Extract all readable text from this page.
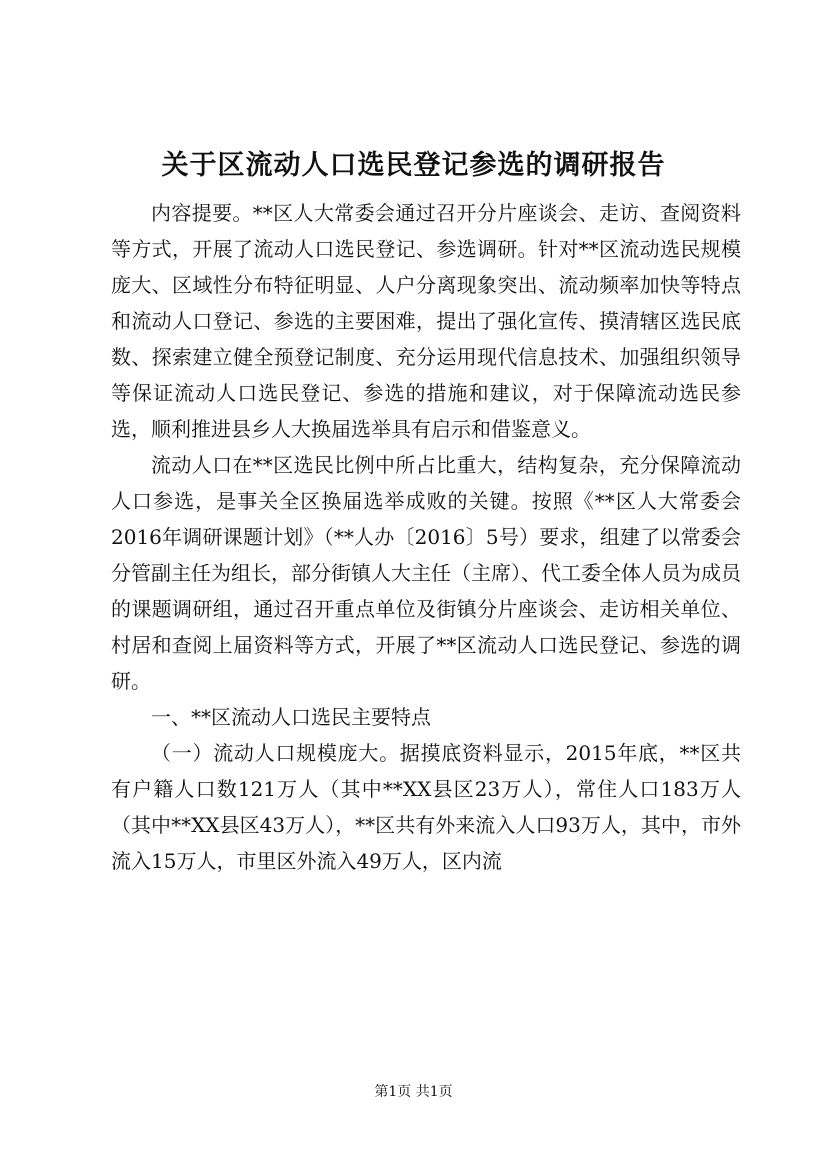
关于区流动人口选民登记参选的调研报告

内容提要。**区人大常委会通过召开分片座谈会、走访、查阅资料等方式，开展了流动人口选民登记、参选调研。针对**区流动选民规模庞大、区域性分布特征明显、人户分离现象突出、流动频率加快等特点和流动人口登记、参选的主要困难，提出了强化宣传、摸清辖区选民底数、探索建立健全预登记制度、充分运用现代信息技术、加强组织领导等保证流动人口选民登记、参选的措施和建议，对于保障流动选民参选，顺利推进县乡人大换届选举具有启示和借鉴意义。

流动人口在**区选民比例中所占比重大，结构复杂，充分保障流动人口参选，是事关全区换届选举成败的关键。按照《**区人大常委会2016年调研课题计划》（**人办〔2016〕5号）要求，组建了以常委会分管副主任为组长，部分街镇人大主任（主席）、代工委全体人员为成员的课题调研组，通过召开重点单位及街镇分片座谈会、走访相关单位、村居和查阅上届资料等方式，开展了**区流动人口选民登记、参选的调研。

一、**区流动人口选民主要特点

（一）流动人口规模庞大。据摸底资料显示，2015年底，**区共有户籍人口数121万人（其中**XX县区23万人），常住人口183万人（其中**XX县区43万人），**区共有外来流入人口93万人，其中，市外流入15万人，市里区外流入49万人，区内流

第1页 共1页
